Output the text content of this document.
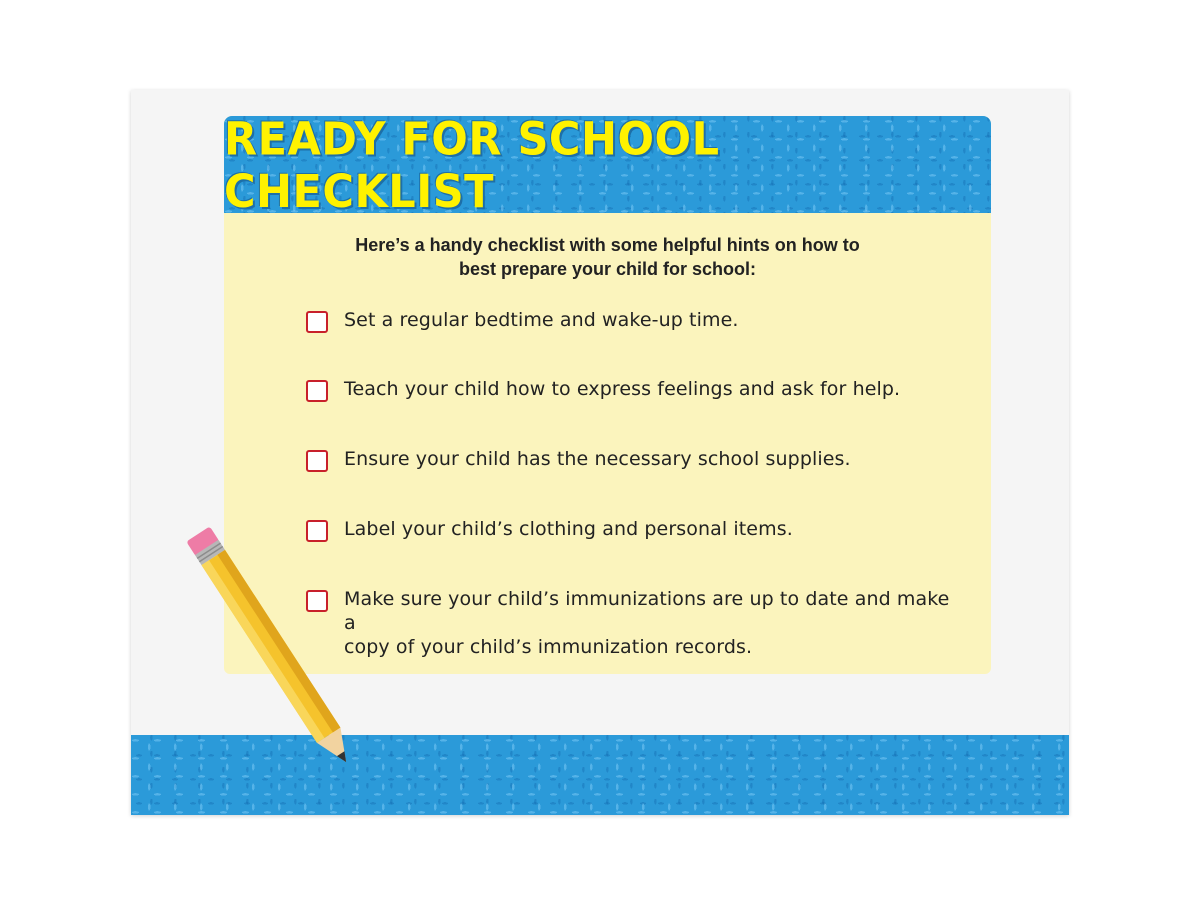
READY FOR SCHOOL CHECKLIST
Here’s a handy checklist with some helpful hints on how to
best prepare your child for school:
Set a regular bedtime and wake-up time.
Teach your child how to express feelings and ask for help.
Ensure your child has the necessary school supplies.
Label your child’s clothing and personal items.
Make sure your child’s immunizations are up to date and make a
copy of your child’s immunization records.
